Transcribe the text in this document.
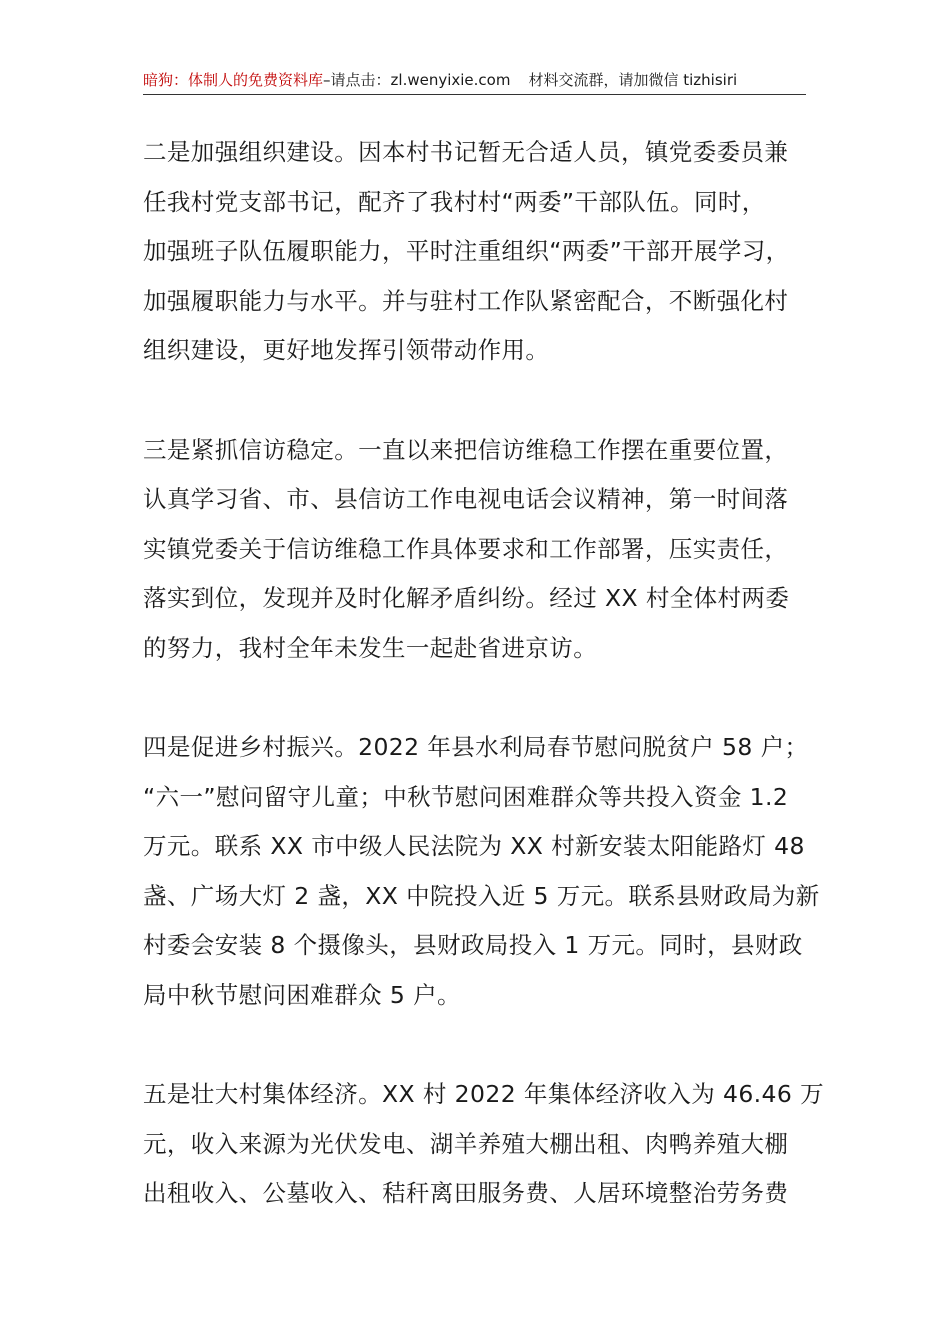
暗狗：体制人的免费资料库–请点击：zl.wenyixie.com 材料交流群，请加微信 tizhisiri

二是加强组织建设。因本村书记暂无合适人员，镇党委委员兼
任我村党支部书记，配齐了我村村“两委”干部队伍。同时，
加强班子队伍履职能力，平时注重组织“两委”干部开展学习，
加强履职能力与水平。并与驻村工作队紧密配合，不断强化村
组织建设，更好地发挥引领带动作用。

三是紧抓信访稳定。一直以来把信访维稳工作摆在重要位置，
认真学习省、市、县信访工作电视电话会议精神，第一时间落
实镇党委关于信访维稳工作具体要求和工作部署，压实责任，
落实到位，发现并及时化解矛盾纠纷。经过 XX 村全体村两委
的努力，我村全年未发生一起赴省进京访。

四是促进乡村振兴。2022 年县水利局春节慰问脱贫户 58 户；
“六一”慰问留守儿童；中秋节慰问困难群众等共投入资金 1.2
万元。联系 XX 市中级人民法院为 XX 村新安装太阳能路灯 48
盏、广场大灯 2 盏，XX 中院投入近 5 万元。联系县财政局为新
村委会安装 8 个摄像头，县财政局投入 1 万元。同时，县财政
局中秋节慰问困难群众 5 户。

五是壮大村集体经济。XX 村 2022 年集体经济收入为 46.46 万
元，收入来源为光伏发电、湖羊养殖大棚出租、肉鸭养殖大棚
出租收入、公墓收入、秸秆离田服务费、人居环境整治劳务费
